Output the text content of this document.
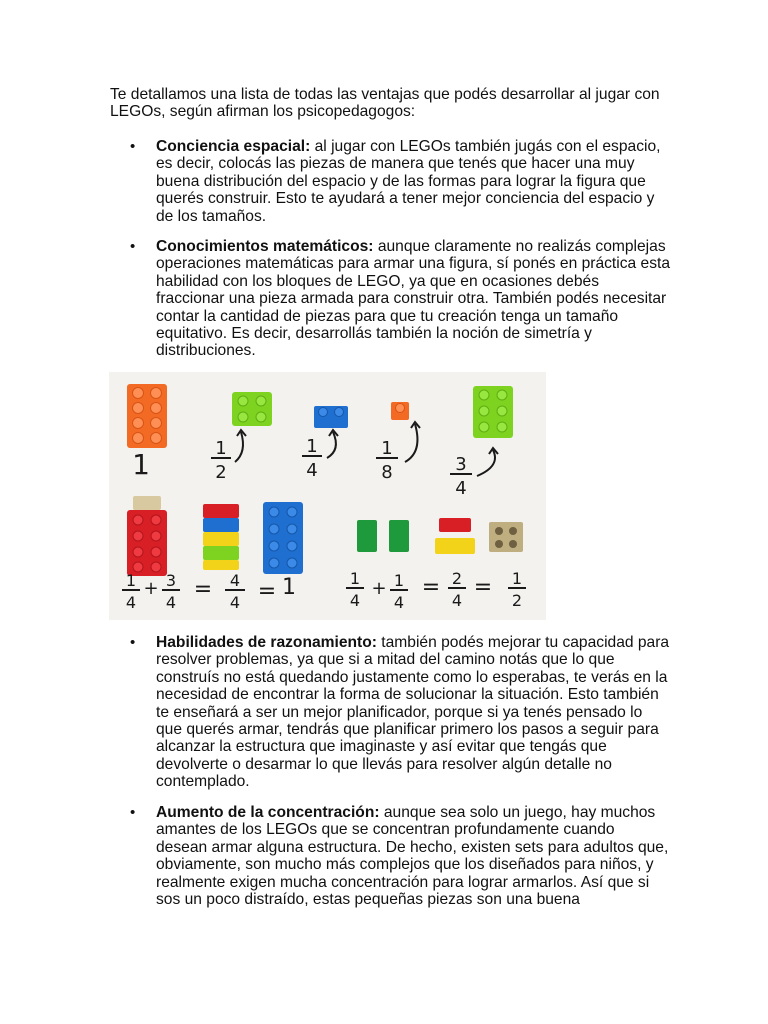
Te detallamos una lista de todas las ventajas que podés desarrollar al jugar con LEGOs, según afirman los psicopedagogos:

• Conciencia espacial: al jugar con LEGOs también jugás con el espacio, es decir, colocás las piezas de manera que tenés que hacer una muy buena distribución del espacio y de las formas para lograr la figura que querés construir. Esto te ayudará a tener mejor conciencia del espacio y de los tamaños.

• Conocimientos matemáticos: aunque claramente no realizás complejas operaciones matemáticas para armar una figura, sí ponés en práctica esta habilidad con los bloques de LEGO, ya que en ocasiones debés fraccionar una pieza armada para construir otra. También podés necesitar contar la cantidad de piezas para que tu creación tenga un tamaño equitativo. Es decir, desarrollás también la noción de simetría y distribuciones.

1	1
2
1
4
1
8	3
4
1
4
+ 3
4
= 4
4 = 1	1
4
+ 1
4
= 2
4
= 1
2
• Habilidades de razonamiento: también podés mejorar tu capacidad para resolver problemas, ya que si a mitad del camino notás que lo que construís no está quedando justamente como lo esperabas, te verás en la necesidad de encontrar la forma de solucionar la situación. Esto también te enseñará a ser un mejor planificador, porque si ya tenés pensado lo que querés armar, tendrás que planificar primero los pasos a seguir para alcanzar la estructura que imaginaste y así evitar que tengás que devolverte o desarmar lo que llevás para resolver algún detalle no contemplado.

• Aumento de la concentración: aunque sea solo un juego, hay muchos amantes de los LEGOs que se concentran profundamente cuando desean armar alguna estructura. De hecho, existen sets para adultos que, obviamente, son mucho más complejos que los diseñados para niños, y realmente exigen mucha concentración para lograr armarlos. Así que si sos un poco distraído, estas pequeñas piezas son una buena
